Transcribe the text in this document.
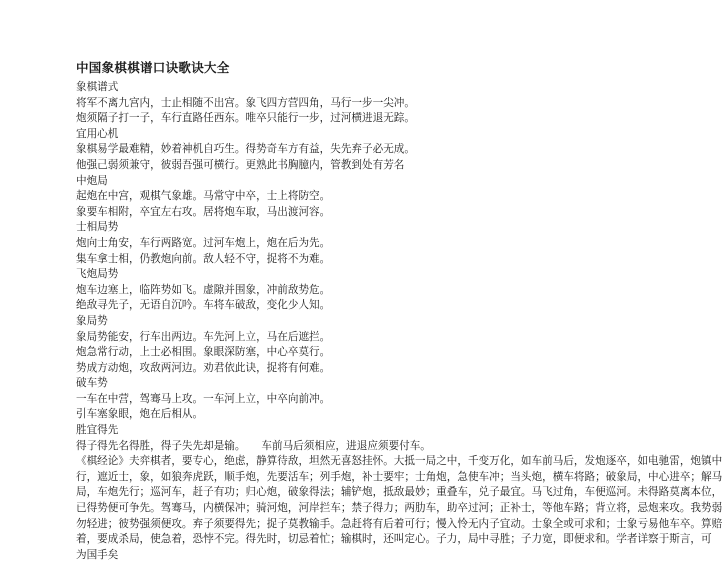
中国象棋棋谱口诀歌诀大全
象棋谱式
将军不离九宫内，士止相随不出宫。象飞四方营四角，马行一步一尖冲。
炮须隔子打一子，车行直路任西东。唯卒只能行一步，过河横进退无踪。
宜用心机
象棋易学最难精，妙着神机自巧生。得势奇车方有益，失先弃子必无成。
他强己弱须兼守，彼弱吾强可横行。更熟此书胸臆内，管教到处有芳名
中炮局
起炮在中宫，观棋气象雄。马常守中卒，士上将防空。
象要车相附，卒宜左右攻。居将炮车取，马出渡河容。
士相局势
炮向士角安，车行两路宽。过河车炮上，炮在后为先。
集车拿士相，仍教炮向前。敌人轻不守，捉将不为难。
飞炮局势
炮车边塞上，临阵势如飞。虚隙并围象，冲前敌势危。
绝敌寻先子，无语自沉吟。车将车破敌，变化少人知。
象局势
象局势能安，行车出两边。车先河上立，马在后遮拦。
炮急常行动，上士必相围。象眼深防塞，中心卒莫行。
势成方动炮，攻敌两河边。劝君依此诀，捉将有何难。
破车势
一车在中营，驾骞马上攻。一车河上立，中卒向前冲。
引车塞象眼，炮在后相从。
胜宜得先
得子得先名得胜，得子失先却是输。　　车前马后须相应，进退应须要付车。
《棋经论》夫弈棋者，要专心，绝虑，静算待敌，坦然无喜怒挂怀。大抵一局之中，千变万化，如车前马后，发炮逐卒，如电驰雷，炮镇中
行，遮近士，象，如狼奔虎跃，顺手炮，先要活车；列手炮，补士要牢；士角炮，急使车冲；当头炮，横车将路；破象局，中心进卒；解马
局，车炮先行；巡河车，赶子有功；归心炮，破象得法；辅铲炮，抵敌最妙；重叠车，兑子最宜。马飞过角，车便巡河。未得路莫离本位，
已得势便可争先。驾骞马，内横保冲；骑河炮，河岸拦车；禁子得力；两肋车，助卒过河；正补士，等他车路；背立将，忌炮来攻。我势弱
勿轻进；彼势强须便攻。弃子须要得先；捉子莫教输手。急赶将有后着可行；慢入怜无内子宜动。士象全或可求和；士象亏易他车卒。算赔
着，要成杀局，使急着，恐悖不完。得先时，切忌着忙；输棋时，还叫定心。子力，局中寻胜；子力宽，即便求和。学者详察于斯言，可
为国手矣
